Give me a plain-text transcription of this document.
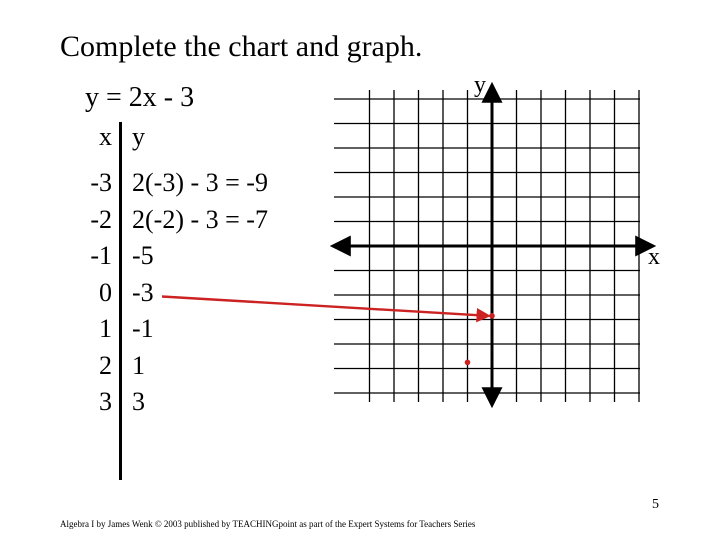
Complete the chart and graph.
y = 2x - 3
x y
-3 2(-3) - 3 = -9
-2 2(-2) - 3 = -7
-1 -5
0 -3
1 -1
2 1
3 3
y
x
5
Algebra I by James Wenk © 2003 published by TEACHINGpoint as part of the Expert Systems for Teachers Series
